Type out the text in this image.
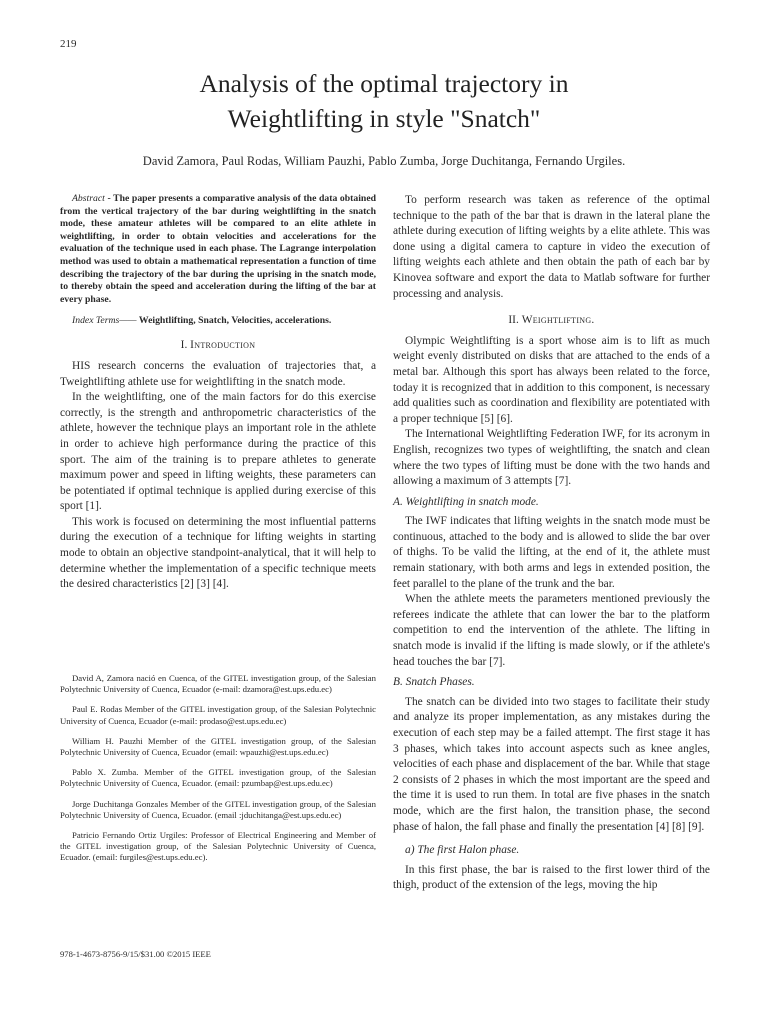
219
Analysis of the optimal trajectory in
Weightlifting in style "Snatch"
David Zamora, Paul Rodas, William Pauzhi, Pablo Zumba, Jorge Duchitanga, Fernando Urgiles.

Abstract - The paper presents a comparative analysis of the data obtained from the vertical trajectory of the bar during weightlifting in the snatch mode, these amateur athletes will be compared to an elite athlete in weightlifting, in order to obtain velocities and accelerations for the evaluation of the technique used in each phase. The Lagrange interpolation method was used to obtain a mathematical representation a function of time describing the trajectory of the bar during the uprising in the snatch mode, to thereby obtain the speed and acceleration during the lifting of the bar at every phase.

Index Terms—— Weightlifting, Snatch, Velocities, accelerations.

I. Introduction

HIS research concerns the evaluation of trajectories that, a Tweightlifting athlete use for weightlifting in the snatch mode.

In the weightlifting, one of the main factors for do this exercise correctly, is the strength and anthropometric characteristics of the athlete, however the technique plays an important role in the athlete in order to achieve high performance during the practice of this sport. The aim of the training is to prepare athletes to generate maximum power and speed in lifting weights, these parameters can be potentiated if optimal technique is applied during exercise of this sport [1].

This work is focused on determining the most influential patterns during the execution of a technique for lifting weights in starting mode to obtain an objective standpoint-analytical, that it will help to determine whether the implementation of a specific technique meets the desired characteristics [2] [3] [4].

David A, Zamora nació en Cuenca, of the GITEL investigation group, of the Salesian Polytechnic University of Cuenca, Ecuador (e-mail: dzamora@est.ups.edu.ec)

Paul E. Rodas Member of the GITEL investigation group, of the Salesian Polytechnic University of Cuenca, Ecuador (e-mail: prodaso@est.ups.edu.ec)

William H. Pauzhi Member of the GITEL investigation group, of the Salesian Polytechnic University of Cuenca, Ecuador (email: wpauzhi@est.ups.edu.ec)

Pablo X. Zumba. Member of the GITEL investigation group, of the Salesian Polytechnic University of Cuenca, Ecuador. (email: pzumbap@est.ups.edu.ec)

Jorge Duchitanga Gonzales Member of the GITEL investigation group, of the Salesian Polytechnic University of Cuenca, Ecuador. (email :jduchitanga@est.ups.edu.ec)

Patricio Fernando Ortiz Urgiles: Professor of Electrical Engineering and Member of the GITEL investigation group, of the Salesian Polytechnic University of Cuenca, Ecuador. (email: furgiles@est.ups.edu.ec).

978-1-4673-8756-9/15/$31.00 ©2015 IEEE

To perform research was taken as reference of the optimal technique to the path of the bar that is drawn in the lateral plane the athlete during execution of lifting weights by a elite athlete. This was done using a digital camera to capture in video the execution of lifting weights each athlete and then obtain the path of each bar by Kinovea software and export the data to Matlab software for further processing and analysis.

II. Weightlifting.

Olympic Weightlifting is a sport whose aim is to lift as much weight evenly distributed on disks that are attached to the ends of a metal bar. Although this sport has always been related to the force, today it is recognized that in addition to this component, is necessary add qualities such as coordination and flexibility are potentiated with a proper technique [5] [6].

The International Weightlifting Federation IWF, for its acronym in English, recognizes two types of weightlifting, the snatch and clean where the two types of lifting must be done with the two hands and allowing a maximum of 3 attempts [7].

A. Weightlifting in snatch mode.

The IWF indicates that lifting weights in the snatch mode must be continuous, attached to the body and is allowed to slide the bar over of thighs. To be valid the lifting, at the end of it, the athlete must remain stationary, with both arms and legs in extended position, the feet parallel to the plane of the trunk and the bar.

When the athlete meets the parameters mentioned previously the referees indicate the athlete that can lower the bar to the platform competition to end the intervention of the athlete. The lifting in snatch mode is invalid if the lifting is made slowly, or if the athlete's head touches the bar [7].

B. Snatch Phases.

The snatch can be divided into two stages to facilitate their study and analyze its proper implementation, as any mistakes during the execution of each step may be a failed attempt. The first stage it has 3 phases, which takes into account aspects such as knee angles, velocities of each phase and displacement of the bar. While that stage 2 consists of 2 phases in which the most important are the speed and the time it is used to run them. In total are five phases in the snatch mode, which are the first halon, the transition phase, the second phase of halon, the fall phase and finally the presentation [4] [8] [9].

a) The first Halon phase.

In this first phase, the bar is raised to the first lower third of the thigh, product of the extension of the legs, moving the hip
